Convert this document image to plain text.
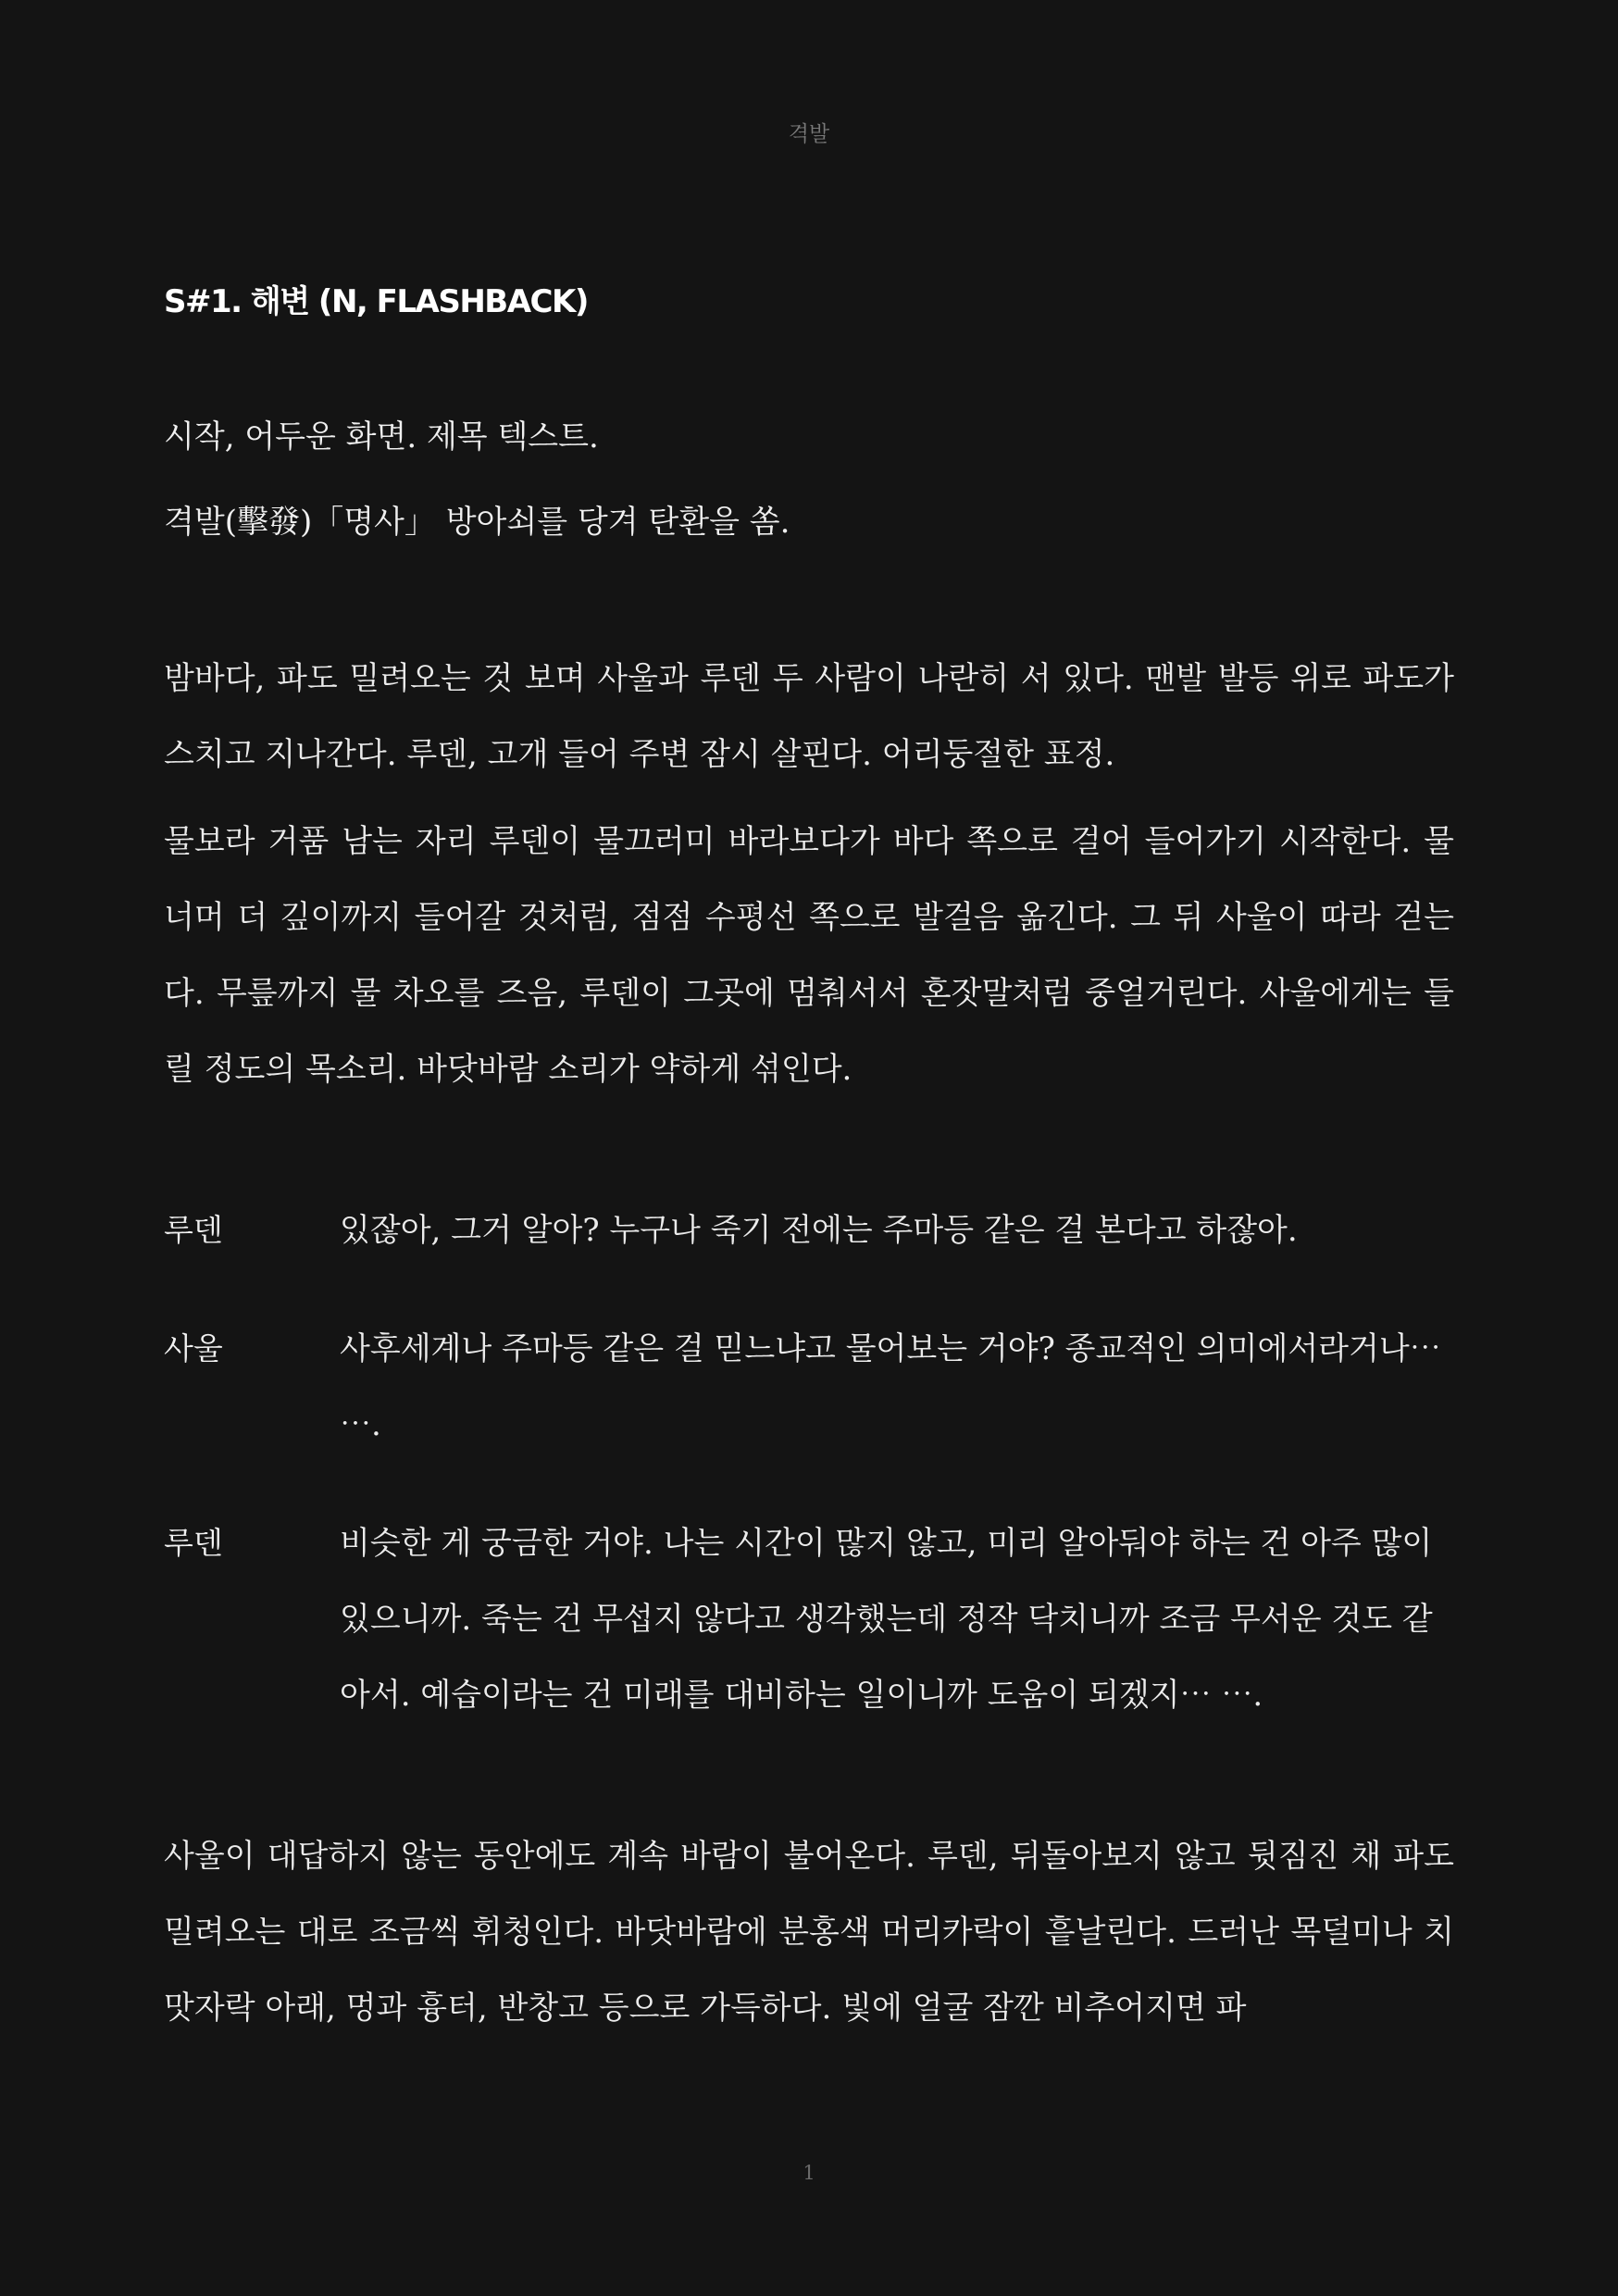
격발
S#1. 해변 (N, FLASHBACK)

시작, 어두운 화면. 제목 텍스트.

격발(擊發)「명사」 방아쇠를 당겨 탄환을 쏨.

밤바다, 파도 밀려오는 것 보며 사울과 루덴 두 사람이 나란히 서 있다. 맨발 발등 위로 파도가 스치고 지나간다. 루덴, 고개 들어 주변 잠시 살핀다. 어리둥절한 표정.

물보라 거품 남는 자리 루덴이 물끄러미 바라보다가 바다 쪽으로 걸어 들어가기 시작한다. 물 너머 더 깊이까지 들어갈 것처럼, 점점 수평선 쪽으로 발걸음 옮긴다. 그 뒤 사울이 따라 걷는다. 무릎까지 물 차오를 즈음, 루덴이 그곳에 멈춰서서 혼잣말처럼 중얼거린다. 사울에게는 들릴 정도의 목소리. 바닷바람 소리가 약하게 섞인다.

루덴	있잖아, 그거 알아? 누구나 죽기 전에는 주마등 같은 걸 본다고 하잖아.
사울	사후세계나 주마등 같은 걸 믿느냐고 물어보는 거야? 종교적인 의미에서라거나⋯ ⋯.
루덴	비슷한 게 궁금한 거야. 나는 시간이 많지 않고, 미리 알아둬야 하는 건 아주 많이 있으니까. 죽는 건 무섭지 않다고 생각했는데 정작 닥치니까 조금 무서운 것도 같아서. 예습이라는 건 미래를 대비하는 일이니까 도움이 되겠지⋯ ⋯.

사울이 대답하지 않는 동안에도 계속 바람이 불어온다. 루덴, 뒤돌아보지 않고 뒷짐진 채 파도 밀려오는 대로 조금씩 휘청인다. 바닷바람에 분홍색 머리카락이 흩날린다. 드러난 목덜미나 치맛자락 아래, 멍과 흉터, 반창고 등으로 가득하다. 빛에 얼굴 잠깐 비추어지면 파

1
